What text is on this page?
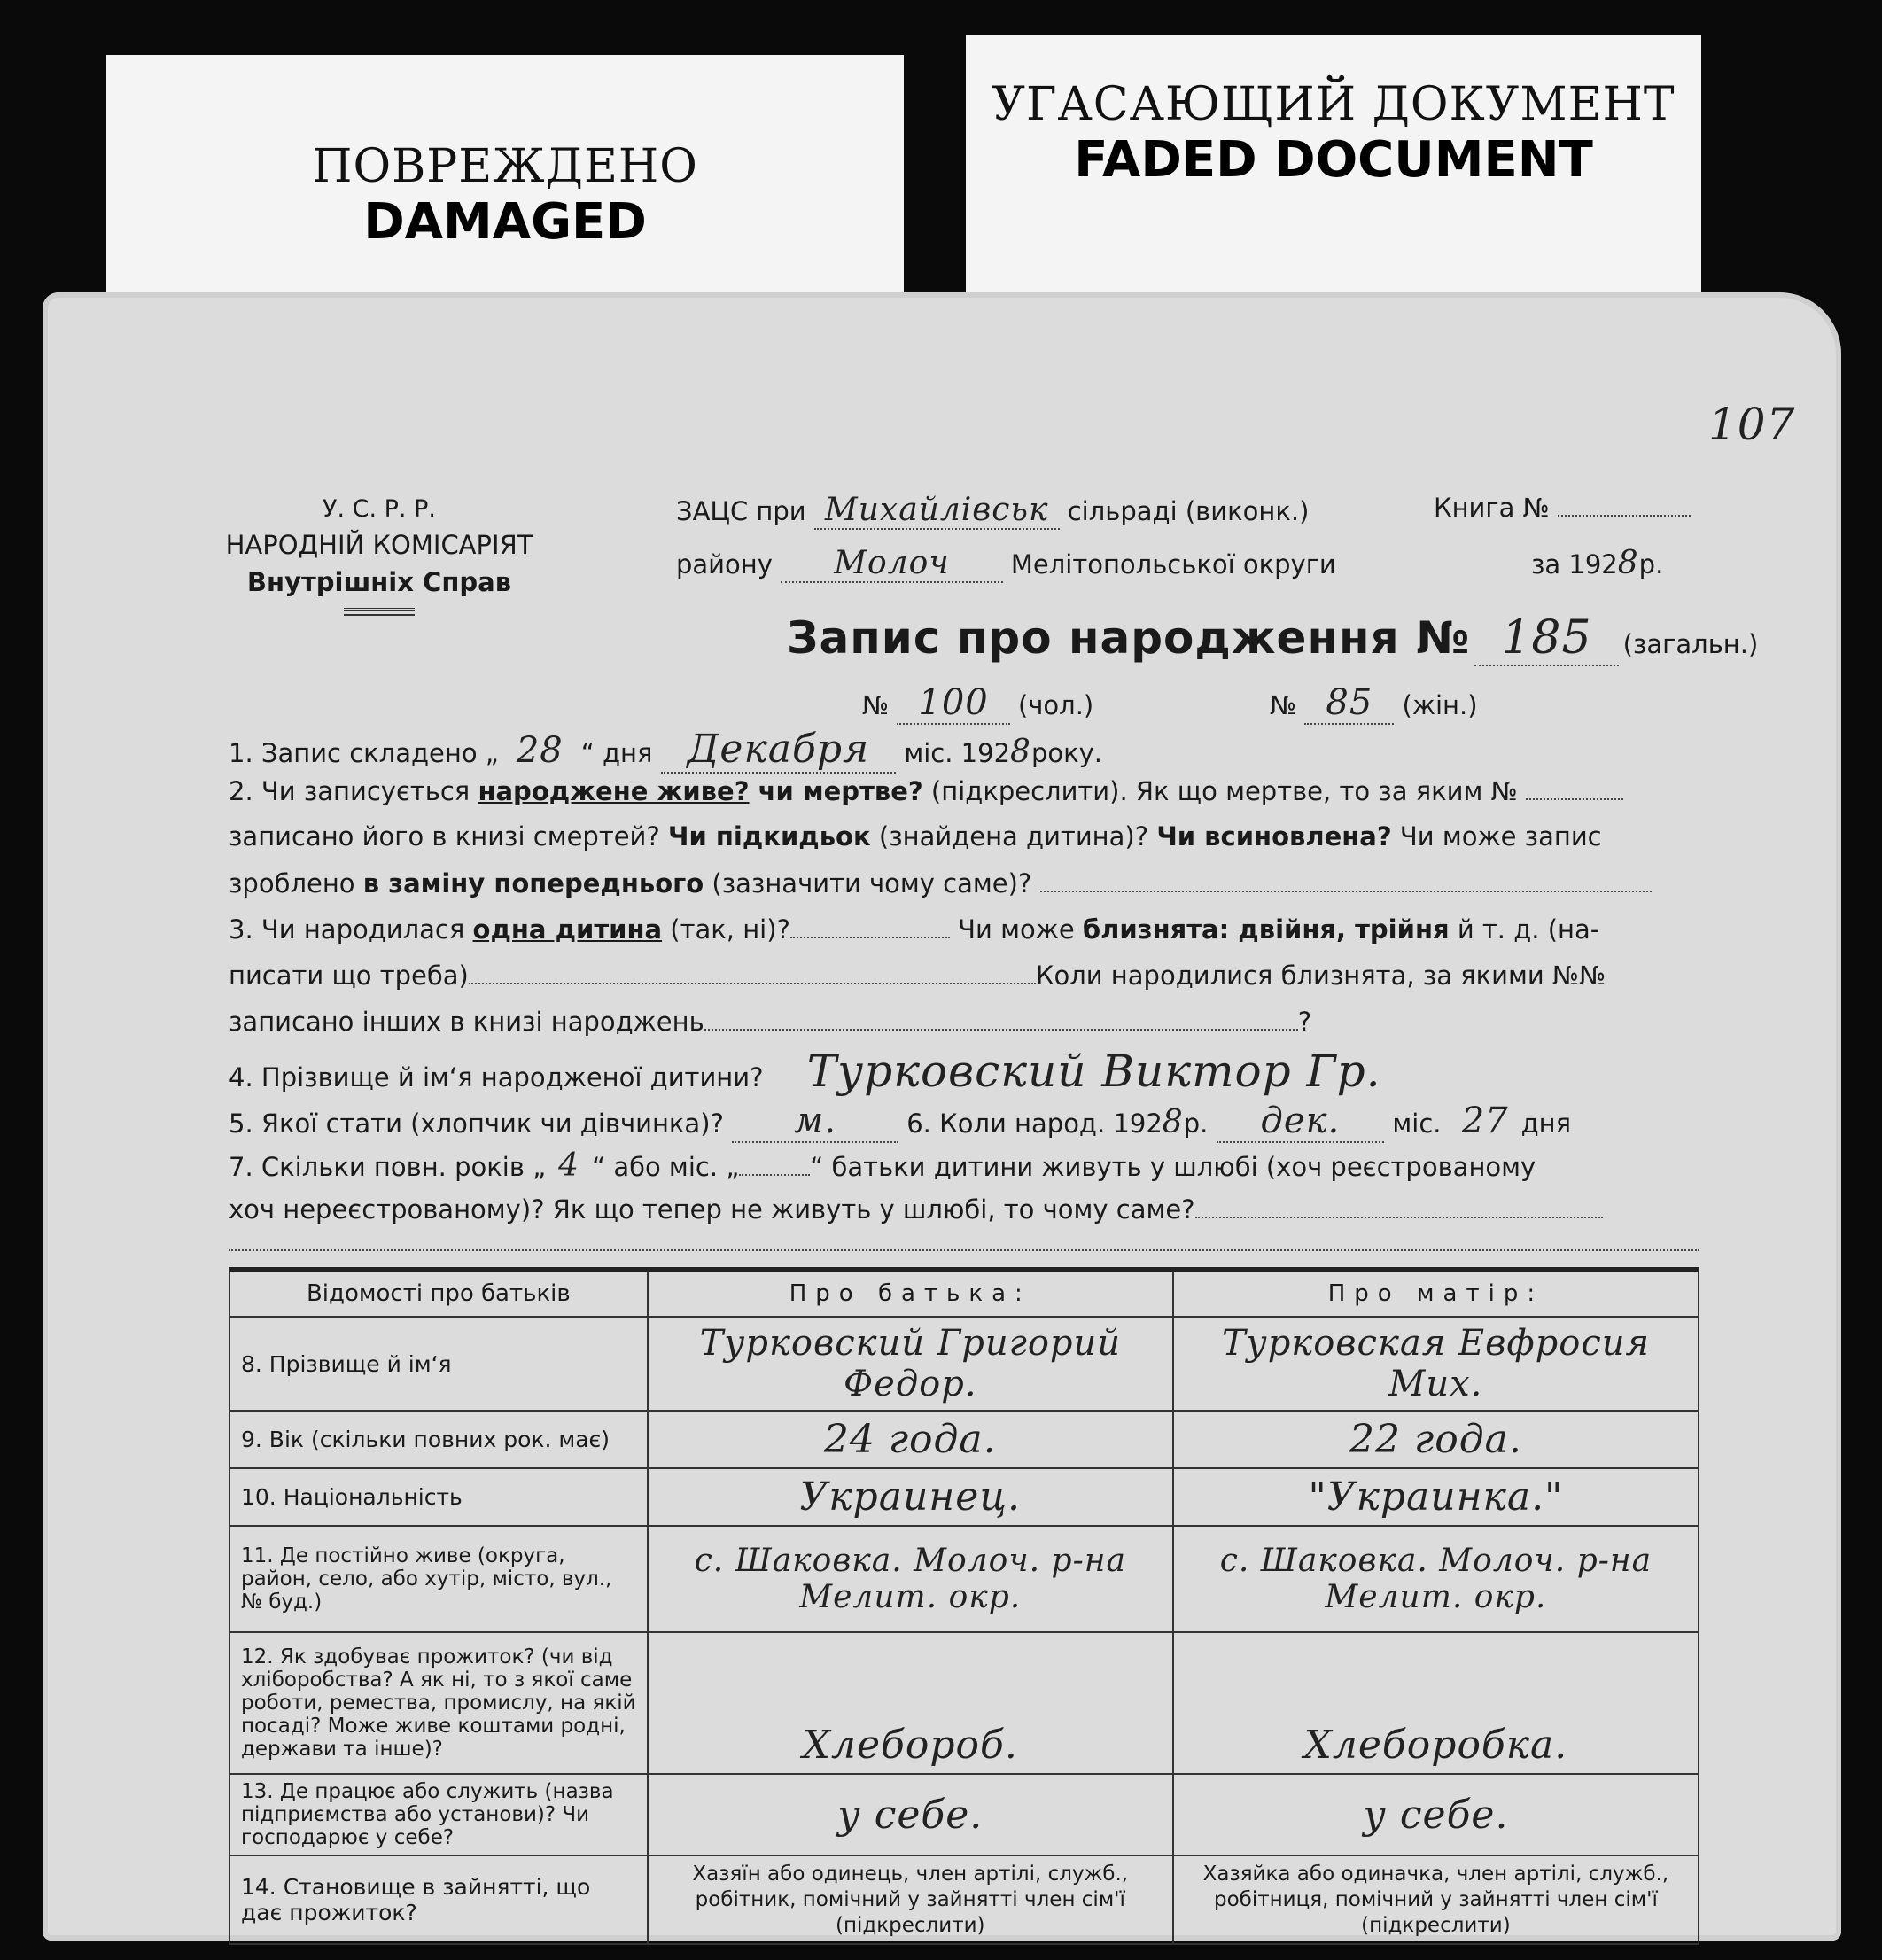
ПОВРЕЖДЕНО
DAMAGED
УГАСАЮЩИЙ ДОКУМЕНТ
FADED DOCUMENT
107
У. С. Р. Р.
НАРОДНІЙ КОМІСАРІЯТ
Внутрішніх Справ
ЗАЦС при Михайлівськ сільраді (виконк.)	Книга №
району Молоч Мелітопольської округи	за 1928р.
Запис про народження № 185 (загальн.)
№ 100 (чол.)	№ 85 (жін.)
1. Запис складено „ 28 “ дня Декабря міс. 1928року.
2. Чи записується народжене живе? чи мертве? (підкреслити). Як що мертве, то за яким №
записано його в книзі смертей? Чи підкидьок (знайдена дитина)? Чи всиновлена? Чи може запис
зроблено в заміну попереднього (зазначити чому саме)?
3. Чи народилася одна дитина (так, ні)?	Чи може близнята: двійня, трійня й т. д. (на-
писати що треба)	Коли народилися близнята, за якими №№
записано інших в книзі народжень	?
4. Прізвище й ім‘я народженої дитини? Турковский Виктор Гр.
5. Якої стати (хлопчик чи дівчинка)? м.	6. Коли народ. 1928р. дек. міс. 27 дня
7. Скільки повн. років „ 4 “ або міс. „	“ батьки дитини живуть у шлюбі (хоч реєстрованому
хоч нереєстрованому)? Як що тепер не живуть у шлюбі, то чому саме?
Відомості про батьків	Про батька:	Про матір:
8. Прізвище й ім‘я	Турковский Григорий Федор.	Турковская Евфросия Мих.
9. Вік (скільки повних рок. має)	24 года.	22 года.
10. Національність	Украинец.	"Украинка."
11. Де постійно живе (округа, район, село, або хутір, місто, вул., № буд.)	с. Шаковка. Молоч. р-на Мелит. окр.	с. Шаковка. Молоч. р-на Мелит. окр.
12. Як здобуває прожиток? (чи від хліборобства? А як ні, то з якої саме роботи, ремества, промислу, на якій посаді? Може живе коштами родні, держави та інше)?	Хлебороб.	Хлеборобка.
13. Де працює або служить (назва підприємства або установи)? Чи господарює у себе?	у себе.	у себе.
14. Становище в зайнятті, що дає прожиток?	Хазяїн або одинець, член артілі, служб., робітник, помічний у зайнятті член сім'ї (підкреслити)	Хазяйка або одиначка, член артілі, служб., робітниця, помічний у зайнятті член сім'ї (підкреслити)
